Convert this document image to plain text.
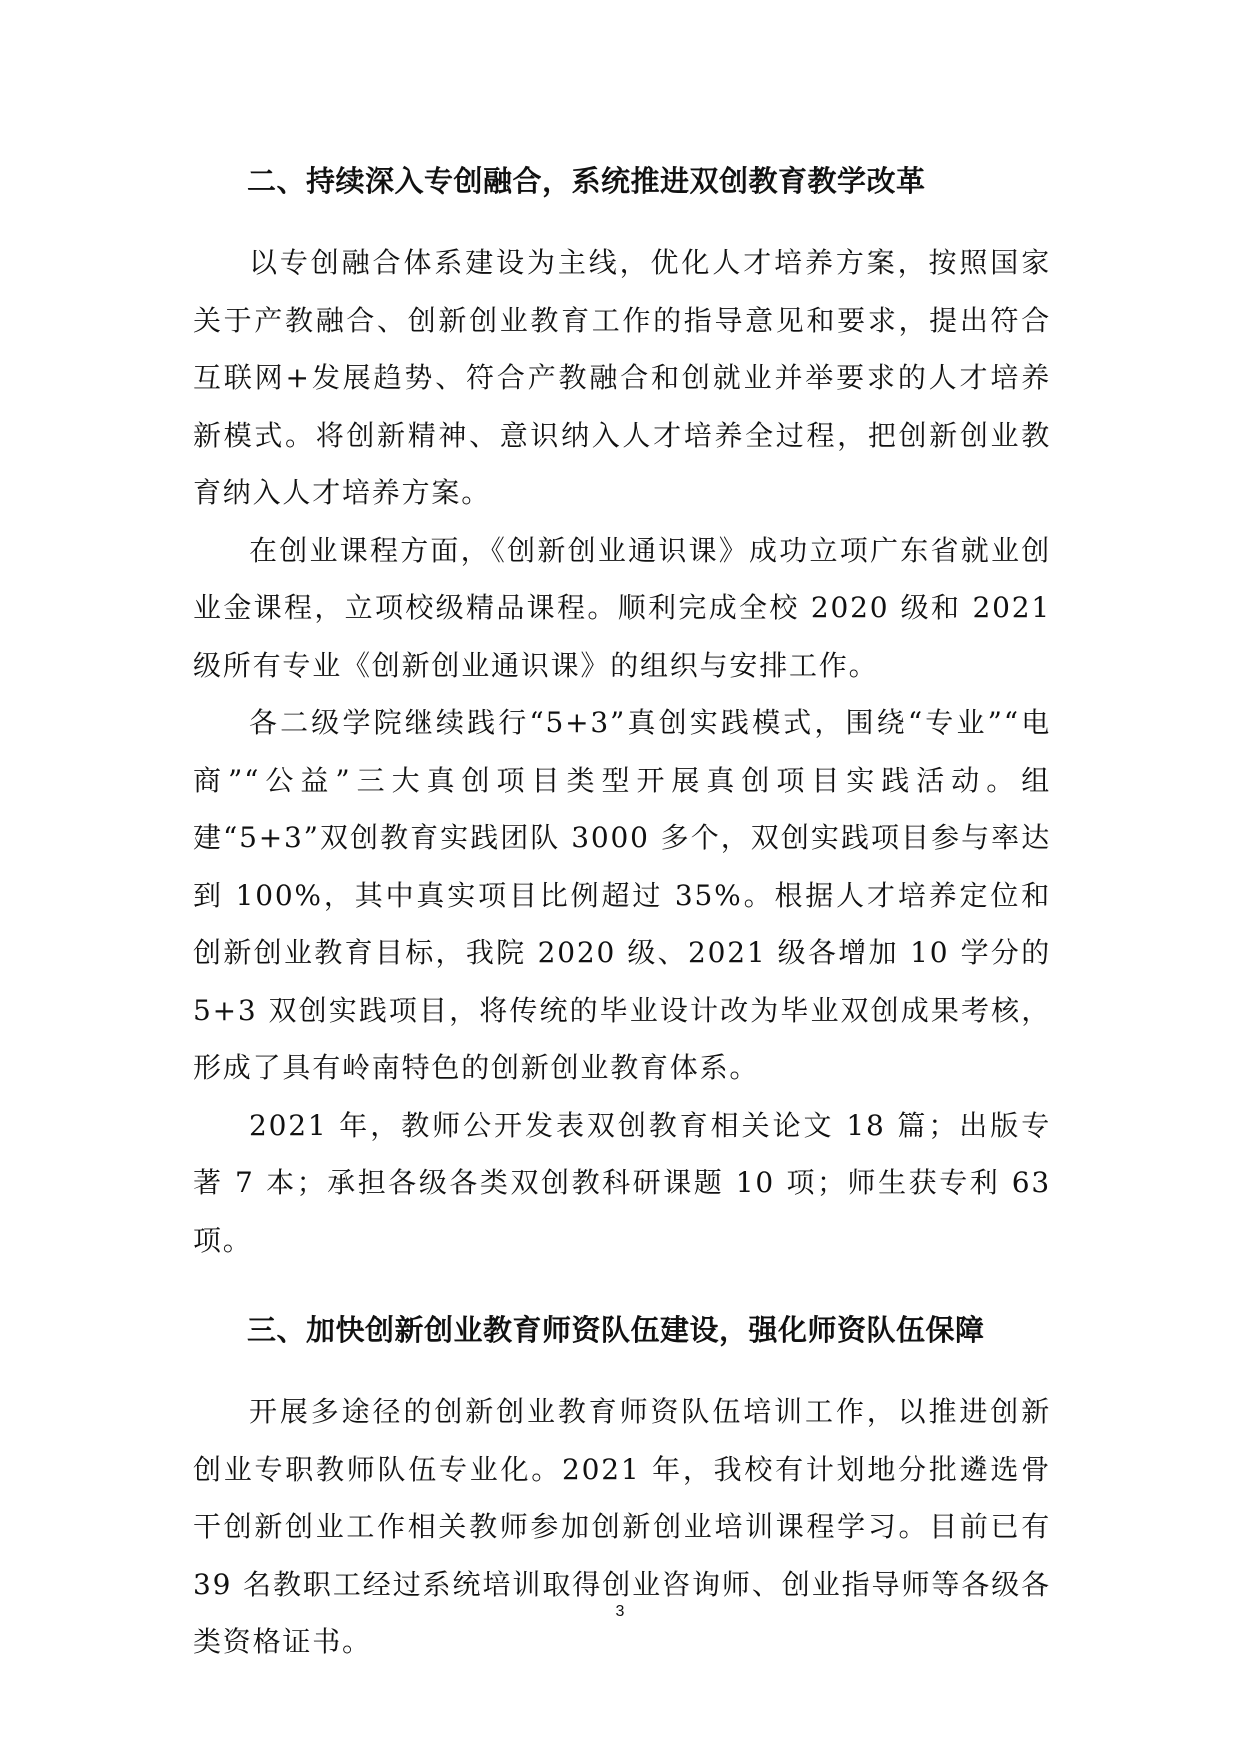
二、持续深入专创融合，系统推进双创教育教学改革

以专创融合体系建设为主线，优化人才培养方案，按照国家关于产教融合、创新创业教育工作的指导意见和要求，提出符合互联网+发展趋势、符合产教融合和创就业并举要求的人才培养新模式。将创新精神、意识纳入人才培养全过程，把创新创业教育纳入人才培养方案。

在创业课程方面，《创新创业通识课》成功立项广东省就业创业金课程，立项校级精品课程。顺利完成全校 2020 级和 2021 级所有专业《创新创业通识课》的组织与安排工作。

各二级学院继续践行“5+3”真创实践模式，围绕“专业”“电商”“公益”三大真创项目类型开展真创项目实践活动。组建“5+3”双创教育实践团队 3000 多个，双创实践项目参与率达到 100%，其中真实项目比例超过 35%。根据人才培养定位和创新创业教育目标，我院 2020 级、2021 级各增加 10 学分的 5+3 双创实践项目，将传统的毕业设计改为毕业双创成果考核，形成了具有岭南特色的创新创业教育体系。

2021 年，教师公开发表双创教育相关论文 18 篇；出版专著 7 本；承担各级各类双创教科研课题 10 项；师生获专利 63 项。

三、加快创新创业教育师资队伍建设，强化师资队伍保障

开展多途径的创新创业教育师资队伍培训工作，以推进创新创业专职教师队伍专业化。2021 年，我校有计划地分批遴选骨干创新创业工作相关教师参加创新创业培训课程学习。目前已有 39 名教职工经过系统培训取得创业咨询师、创业指导师等各级各类资格证书。

3
